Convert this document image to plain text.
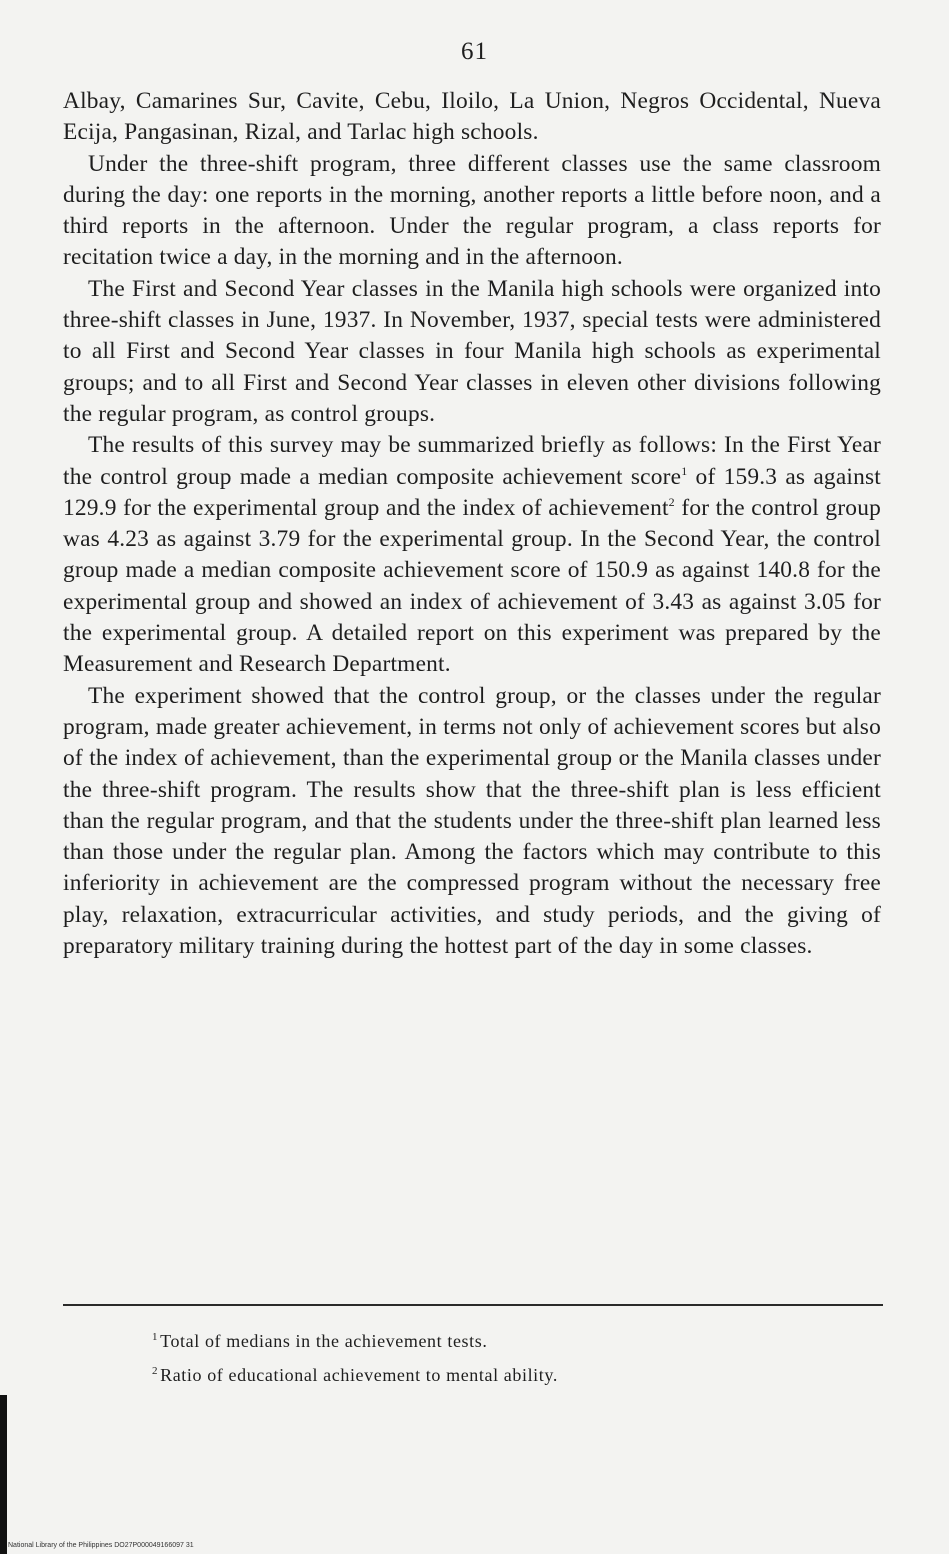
61

Albay, Camarines Sur, Cavite, Cebu, Iloilo, La Union, Negros Occidental, Nueva Ecija, Pangasinan, Rizal, and Tarlac high schools.

Under the three-shift program, three different classes use the same classroom during the day: one reports in the morning, another reports a little before noon, and a third reports in the afternoon. Under the regular program, a class reports for recitation twice a day, in the morning and in the afternoon.

The First and Second Year classes in the Manila high schools were organized into three-shift classes in June, 1937. In November, 1937, special tests were administered to all First and Second Year classes in four Manila high schools as experimental groups; and to all First and Second Year classes in eleven other divisions following the regular program, as control groups.

The results of this survey may be summarized briefly as follows: In the First Year the control group made a median composite achievement score$^1$ of 159.3 as against 129.9 for the experimental group and the index of achievement$^2$ for the control group was 4.23 as against 3.79 for the experimental group. In the Second Year, the control group made a median composite achievement score of 150.9 as against 140.8 for the experimental group and showed an index of achievement of 3.43 as against 3.05 for the experimental group. A detailed report on this experiment was prepared by the Measurement and Research Department.

The experiment showed that the control group, or the classes under the regular program, made greater achievement, in terms not only of achievement scores but also of the index of achievement, than the experimental group or the Manila classes under the three-shift program. The results show that the three-shift plan is less efficient than the regular program, and that the students under the three-shift plan learned less than those under the regular plan. Among the factors which may contribute to this inferiority in achievement are the compressed program without the necessary free play, relaxation, extracurricular activities, and study periods, and the giving of preparatory military training during the hottest part of the day in some classes.

$^1$ Total of medians in the achievement tests.
$^2$ Ratio of educational achievement to mental ability.
National Library of the Philippines DO27P000049166097 31
